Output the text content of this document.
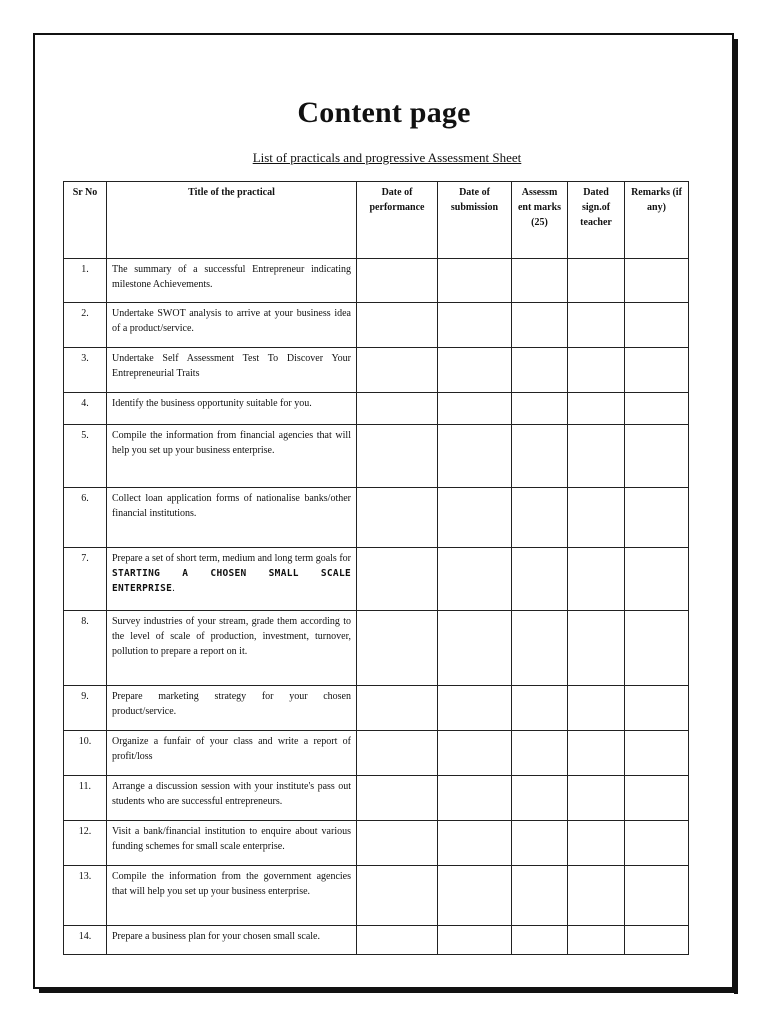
Content page
List of practicals and progressive Assessment Sheet
Sr No	Title of the practical	Date of performance	Date of submission	Assessm ent marks (25)	Dated sign.of teacher	Remarks (if any)
1.	The summary of a successful Entrepreneur indicating milestone Achievements.					
2.	Undertake SWOT analysis to arrive at your business idea of a product/service.					
3.	Undertake Self Assessment Test To Discover Your Entrepreneurial Traits					
4.	Identify the business opportunity suitable for you.					
5.	Compile the information from financial agencies that will help you set up your business enterprise.					
6.	Collect loan application forms of nationalise banks/other financial institutions.					
7.	Prepare a set of short term, medium and long term goals for STARTING A CHOSEN SMALL SCALE ENTERPRISE.					
8.	Survey industries of your stream, grade them according to the level of scale of production, investment, turnover, pollution to prepare a report on it.					
9.	Prepare marketing strategy for your chosen product/service.					
10.	Organize a funfair of your class and write a report of profit/loss					
11.	Arrange a discussion session with your institute's pass out students who are successful entrepreneurs.					
12.	Visit a bank/financial institution to enquire about various funding schemes for small scale enterprise.					
13.	Compile the information from the government agencies that will help you set up your business enterprise.					
14.	Prepare a business plan for your chosen small scale.					
